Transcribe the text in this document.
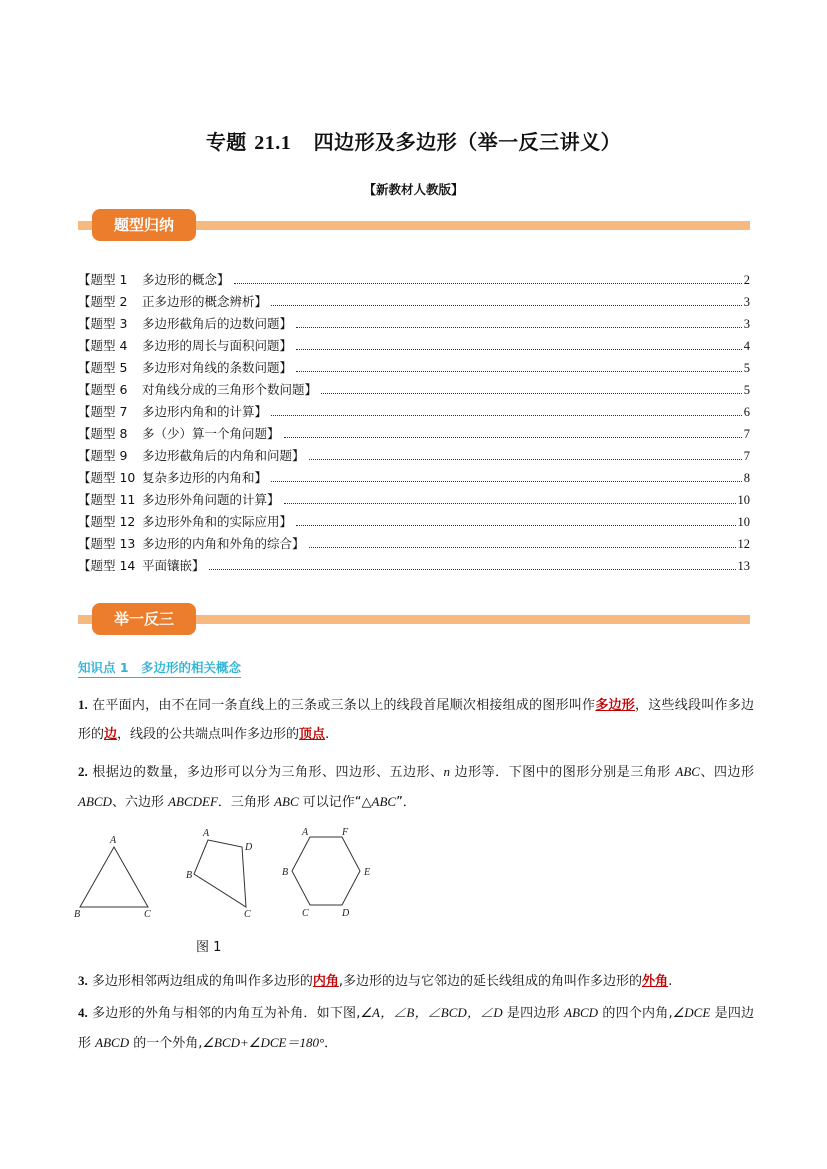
专题 21.1 四边形及多边形（举一反三讲义）
【新教材人教版】
题型归纳
【题型 1 多边形的概念】	2
【题型 2 正多边形的概念辨析】	3
【题型 3 多边形截角后的边数问题】	3
【题型 4 多边形的周长与面积问题】	4
【题型 5 多边形对角线的条数问题】	5
【题型 6 对角线分成的三角形个数问题】	5
【题型 7 多边形内角和的计算】	6
【题型 8 多（少）算一个角问题】	7
【题型 9 多边形截角后的内角和问题】	7
【题型 10 复杂多边形的内角和】	8
【题型 11 多边形外角问题的计算】	10
【题型 12 多边形外角和的实际应用】	10
【题型 13 多边形的内角和外角的综合】	12
【题型 14 平面镶嵌】	13
举一反三
知识点 1　多边形的相关概念
1. 在平面内，由不在同一条直线上的三条或三条以上的线段首尾顺次相接组成的图形叫作多边形，这些线段叫作多边形的边，线段的公共端点叫作多边形的顶点.
2. 根据边的数量，多边形可以分为三角形、四边形、五边形、n 边形等．下图中的图形分别是三角形 ABC、四边形 ABCD、六边形 ABCDEF．三角形 ABC 可以记作“△ABC”．
A
B	C
A
B
C
D
A
B
C	D
E
F
图 1
3. 多边形相邻两边组成的角叫作多边形的内角,多边形的边与它邻边的延长线组成的角叫作多边形的外角.
4. 多边形的外角与相邻的内角互为补角．如下图,∠A，∠B，∠BCD，∠D 是四边形 ABCD 的四个内角,∠DCE 是四边形 ABCD 的一个外角,∠BCD+∠DCE＝180°．
